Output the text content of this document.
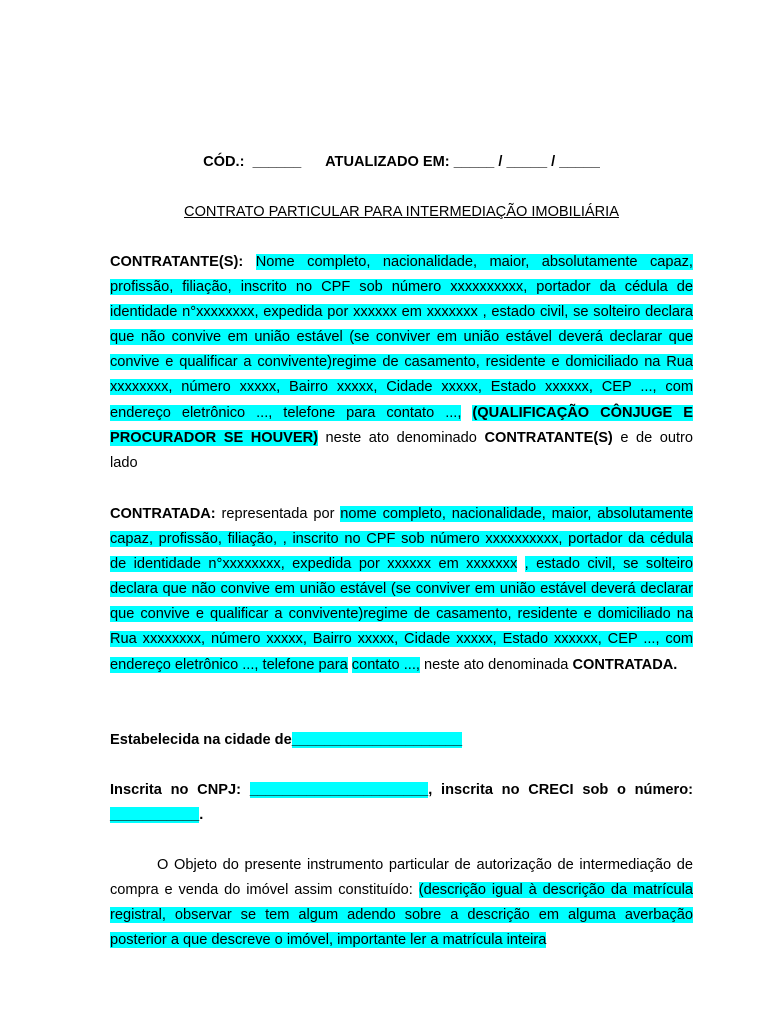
CÓD.: ______ ATUALIZADO EM: _____ / _____ / _____
CONTRATO PARTICULAR PARA INTERMEDIAÇÃO IMOBILIÁRIA

CONTRATANTE(S): Nome completo, nacionalidade, maior, absolutamente capaz, profissão, filiação, inscrito no CPF sob número xxxxxxxxxx, portador da cédula de identidade n°xxxxxxxx, expedida por xxxxxx em xxxxxxx , estado civil, se solteiro declara que não convive em união estável (se conviver em união estável deverá declarar que convive e qualificar a convivente)regime de casamento, residente e domiciliado na Rua xxxxxxxx, número xxxxx, Bairro xxxxx, Cidade xxxxx, Estado xxxxxx, CEP ..., com endereço eletrônico ..., telefone para contato ..., (QUALIFICAÇÃO CÔNJUGE E PROCURADOR SE HOUVER) neste ato denominado CONTRATANTE(S) e de outro lado

CONTRATADA: representada por nome completo, nacionalidade, maior, absolutamente capaz, profissão, filiação, , inscrito no CPF sob número xxxxxxxxxx, portador da cédula de identidade n°xxxxxxxx, expedida por xxxxxx em xxxxxxx , estado civil, se solteiro declara que não convive em união estável (se conviver em união estável deverá declarar que convive e qualificar a convivente)regime de casamento, residente e domiciliado na Rua xxxxxxxx, número xxxxx, Bairro xxxxx, Cidade xxxxx, Estado xxxxxx, CEP ..., com endereço eletrônico ..., telefone para contato ..., neste ato denominada CONTRATADA.

Estabelecida na cidade de_____________________

Inscrita no CNPJ: ______________________, inscrita no CRECI sob o número: ___________.

O Objeto do presente instrumento particular de autorização de intermediação de compra e venda do imóvel assim constituído: (descrição igual à descrição da matrícula registral, observar se tem algum adendo sobre a descrição em alguma averbação posterior a que descreve o imóvel, importante ler a matrícula inteira
